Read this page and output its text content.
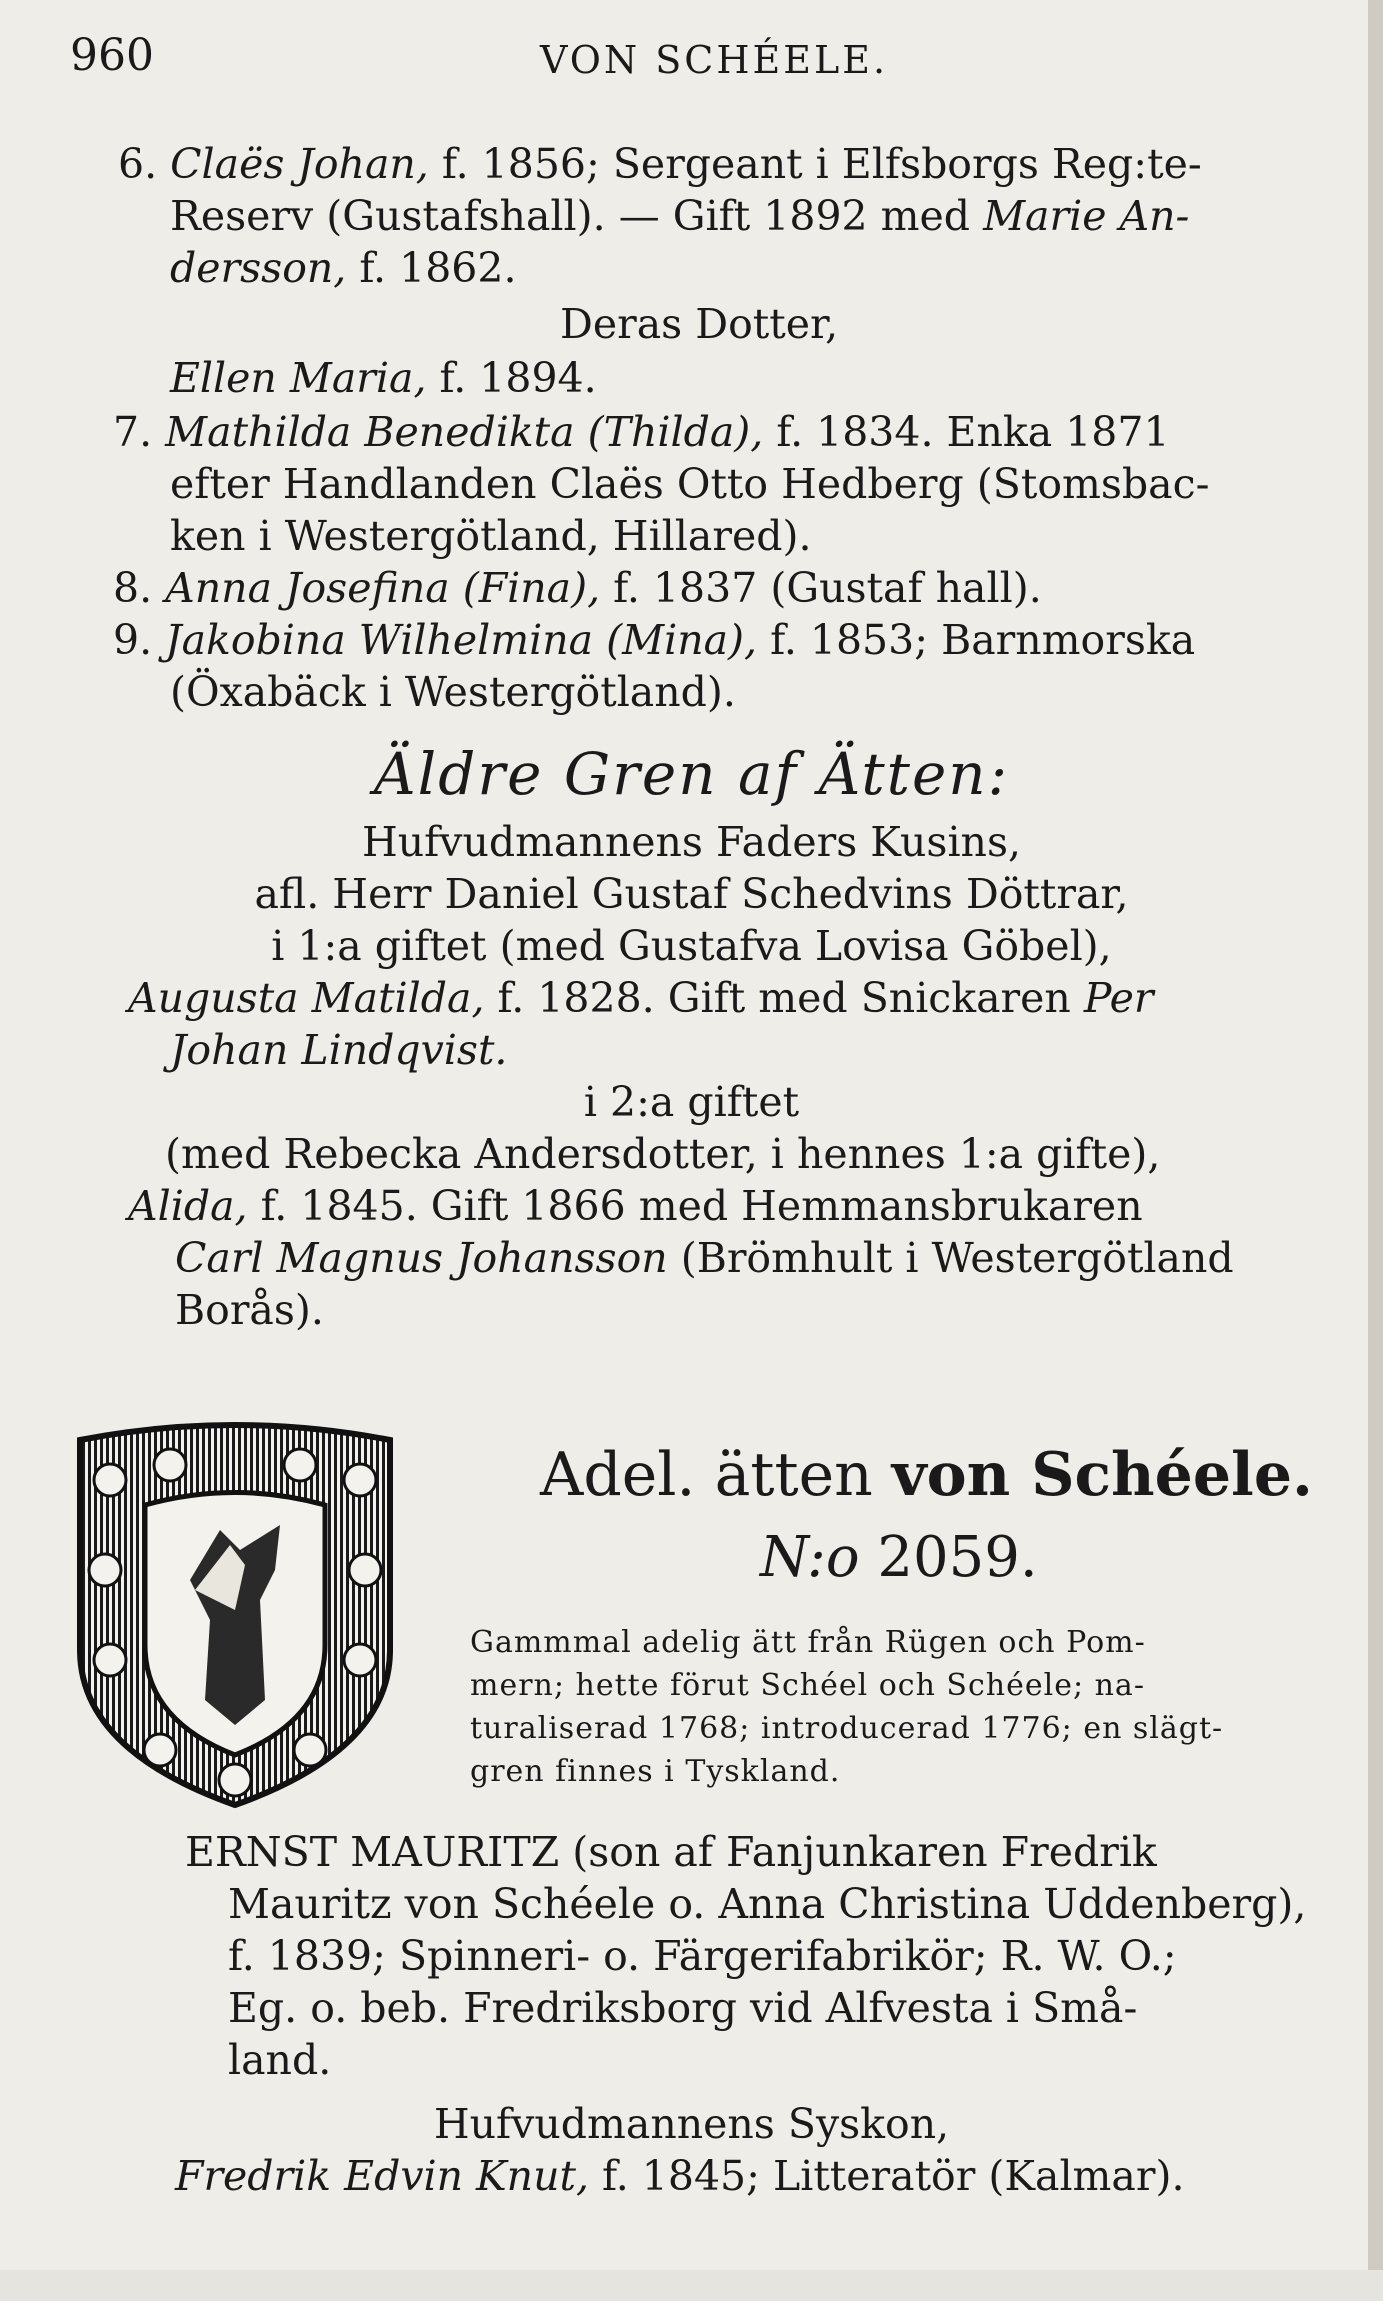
960	VON SCHÉELE.
6. Claës Johan, f. 1856; Sergeant i Elfsborgs Reg:te-
Reserv (Gustafshall). — Gift 1892 med Marie An-
dersson, f. 1862.
Deras Dotter,
Ellen Maria, f. 1894.
7. Mathilda Benedikta (Thilda), f. 1834. Enka 1871
efter Handlanden Claës Otto Hedberg (Stomsbac-
ken i Westergötland, Hillared).
8. Anna Josefina (Fina), f. 1837 (Gustaf hall).
9. Jakobina Wilhelmina (Mina), f. 1853; Barnmorska
(Öxabäck i Westergötland).
Äldre Gren af Ätten:
Hufvudmannens Faders Kusins,
afl. Herr Daniel Gustaf Schedvins Döttrar,
i 1:a giftet (med Gustafva Lovisa Göbel),
Augusta Matilda, f. 1828. Gift med Snickaren Per
Johan Lindqvist.
i 2:a giftet
(med Rebecka Andersdotter, i hennes 1:a gifte),
Alida, f. 1845. Gift 1866 med Hemmansbrukaren
Carl Magnus Johansson (Brömhult i Westergötland
Borås).
Adel. ätten von Schéele.
N:o 2059.
Gammmal adelig ätt från Rügen och Pom-
mern; hette förut Schéel och Schéele; na-
turaliserad 1768; introducerad 1776; en slägt-
gren finnes i Tyskland.
ERNST MAURITZ (son af Fanjunkaren Fredrik
Mauritz von Schéele o. Anna Christina Uddenberg),
f. 1839; Spinneri- o. Färgerifabrikör; R. W. O.;
Eg. o. beb. Fredriksborg vid Alfvesta i Små-
land.
Hufvudmannens Syskon,
Fredrik Edvin Knut, f. 1845; Litteratör (Kalmar).
